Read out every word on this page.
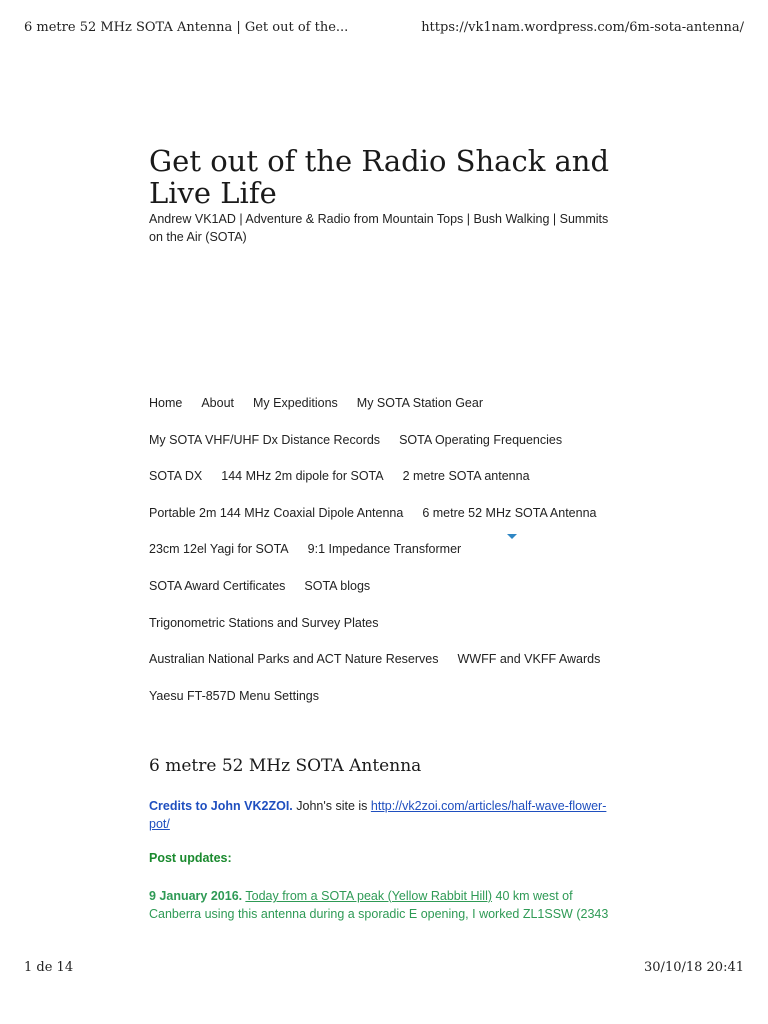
6 metre 52 MHz SOTA Antenna | Get out of the...	https://vk1nam.wordpress.com/6m-sota-antenna/
Get out of the Radio Shack and Live Life
Andrew VK1AD | Adventure & Radio from Mountain Tops | Bush Walking | Summits on the Air (SOTA)
Home About My Expeditions My SOTA Station Gear
My SOTA VHF/UHF Dx Distance Records SOTA Operating Frequencies
SOTA DX 144 MHz 2m dipole for SOTA 2 metre SOTA antenna
Portable 2m 144 MHz Coaxial Dipole Antenna 6 metre 52 MHz SOTA Antenna
23cm 12el Yagi for SOTA 9:1 Impedance Transformer
SOTA Award Certificates SOTA blogs
Trigonometric Stations and Survey Plates
Australian National Parks and ACT Nature Reserves WWFF and VKFF Awards
Yaesu FT-857D Menu Settings
6 metre 52 MHz SOTA Antenna
Credits to John VK2ZOI. John's site is http://vk2zoi.com/articles/half-wave-flower-pot/
Post updates:
9 January 2016. Today from a SOTA peak (Yellow Rabbit Hill) 40 km west of Canberra using this antenna during a sporadic E opening, I worked ZL1SSW (2343
1 de 14	30/10/18 20:41
